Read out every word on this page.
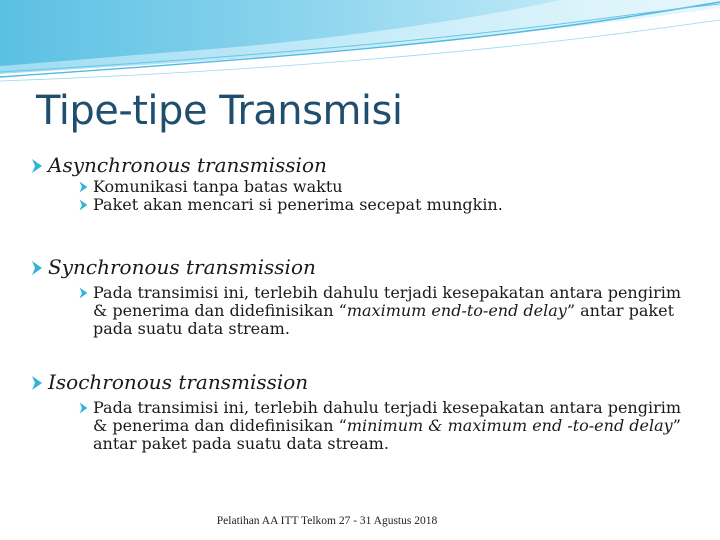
Tipe-tipe Transmisi
Asynchronous transmission
Komunikasi tanpa batas waktu
Paket akan mencari si penerima secepat mungkin.
Synchronous transmission
Pada transimisi ini, terlebih dahulu terjadi kesepakatan antara pengirim & penerima dan didefinisikan “maximum end-to-end delay” antar paket pada suatu data stream.
Isochronous transmission
Pada transimisi ini, terlebih dahulu terjadi kesepakatan antara pengirim & penerima dan didefinisikan “minimum & maximum end -to-end delay” antar paket pada suatu data stream.
Pelatihan AA ITT Telkom 27 - 31 Agustus 2018
